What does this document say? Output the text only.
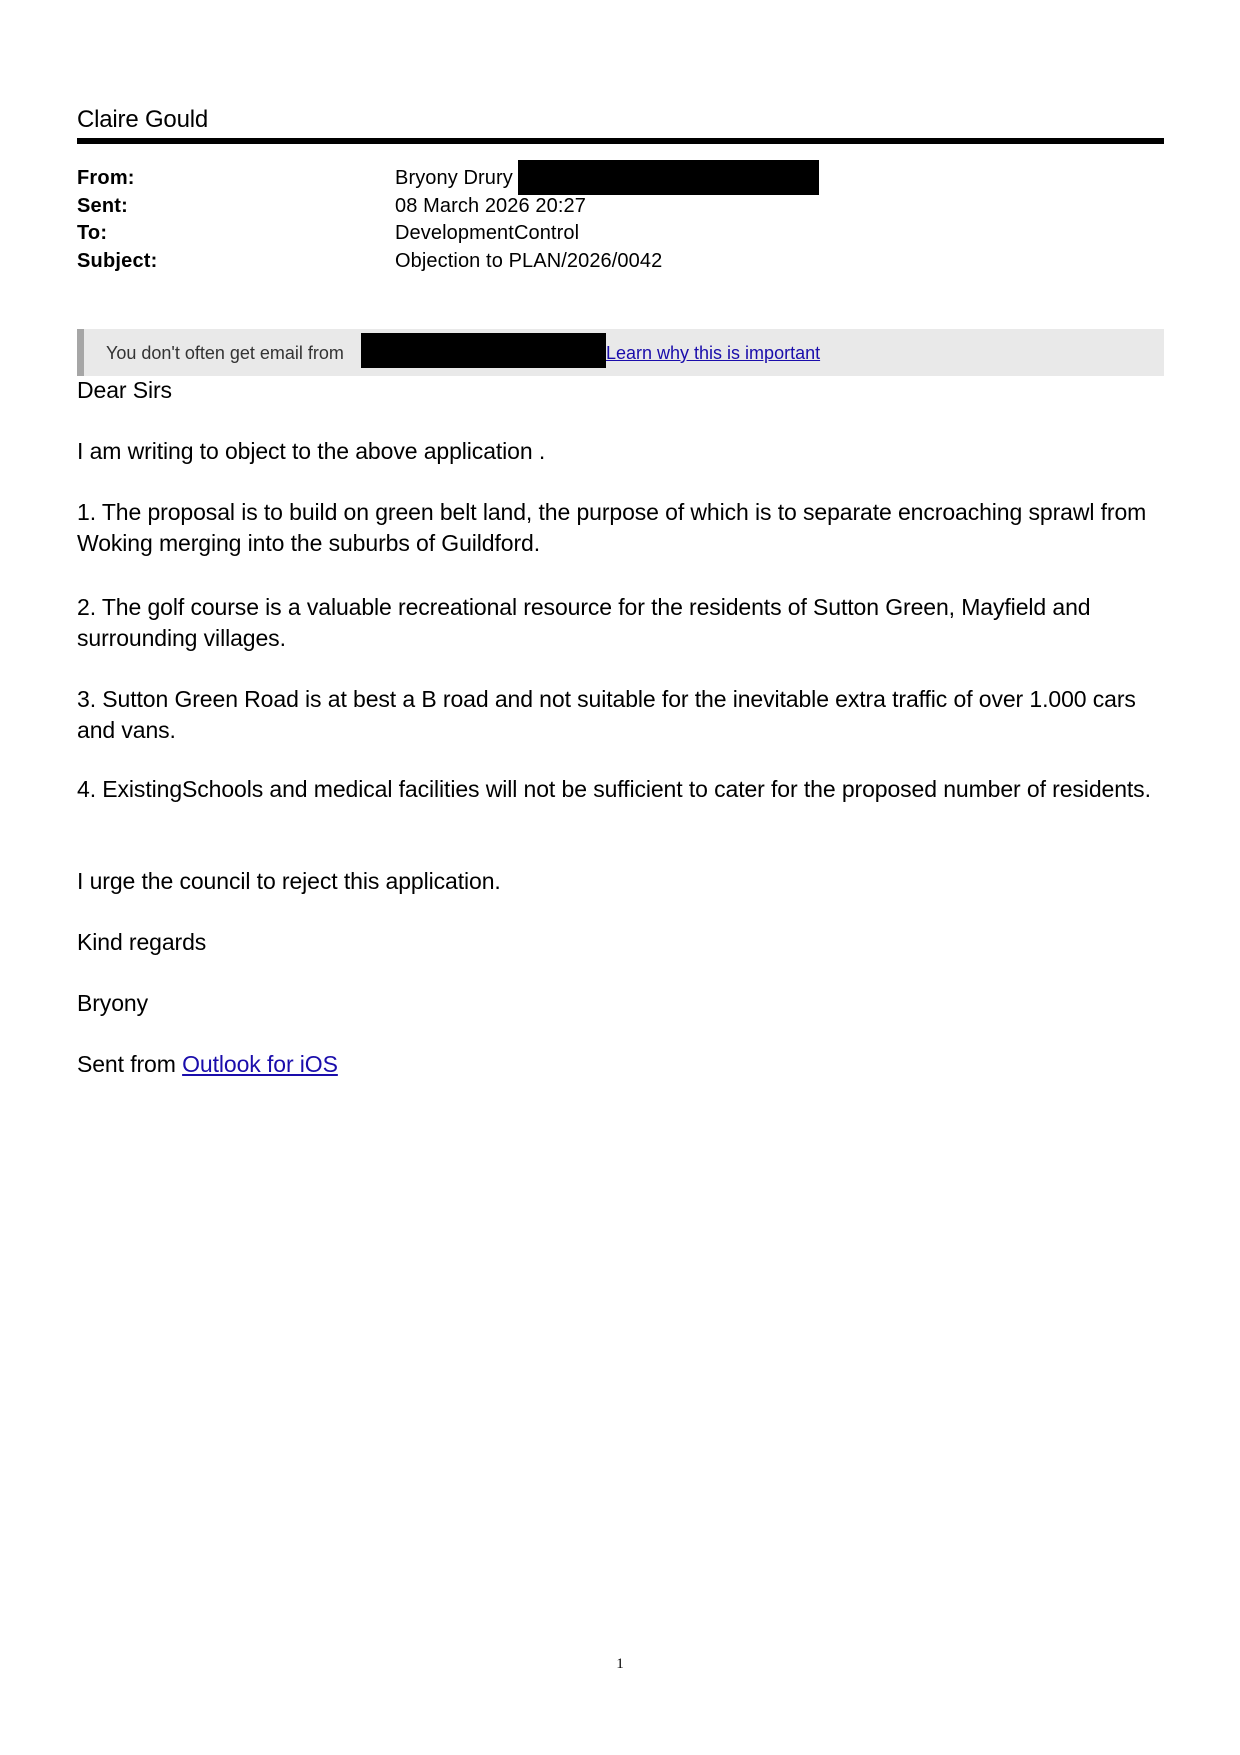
Claire Gould
From:	Bryony Drury
Sent:	08 March 2026 20:27
To:	DevelopmentControl
Subject:	Objection to PLAN/2026/0042
You don't often get email from	Learn why this is important
Dear Sirs
I am writing to object to the above application .
1. The proposal is to build on green belt land, the purpose of which is to separate encroaching sprawl from Woking merging into the suburbs of Guildford.
2. The golf course is a valuable recreational resource for the residents of Sutton Green, Mayfield and surrounding villages.
3. Sutton Green Road is at best a B road and not suitable for the inevitable extra traffic of over 1.000 cars and vans.
4. ExistingSchools and medical facilities will not be sufficient to cater for the proposed number of residents.
I urge the council to reject this application.
Kind regards
Bryony
Sent from Outlook for iOS
1
